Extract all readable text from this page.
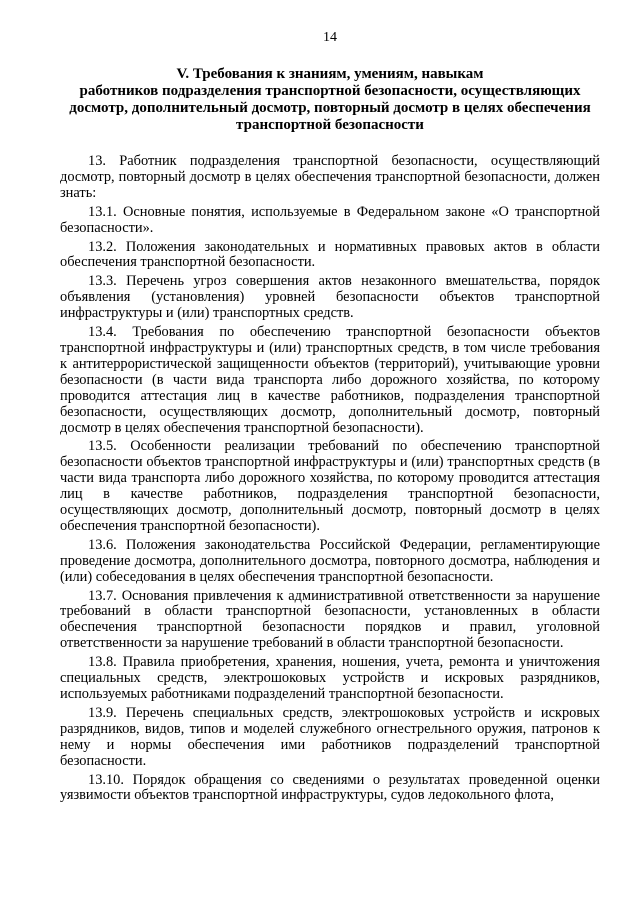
14
V. Требования к знаниям, умениям, навыкам
работников подразделения транспортной безопасности, осуществляющих
досмотр, дополнительный досмотр, повторный досмотр в целях обеспечения
транспортной безопасности

13. Работник подразделения транспортной безопасности, осуществляющий досмотр, повторный досмотр в целях обеспечения транспортной безопасности, должен знать:

13.1. Основные понятия, используемые в Федеральном законе «О транспортной безопасности».

13.2. Положения законодательных и нормативных правовых актов в области обеспечения транспортной безопасности.

13.3. Перечень угроз совершения актов незаконного вмешательства, порядок объявления (установления) уровней безопасности объектов транспортной инфраструктуры и (или) транспортных средств.

13.4. Требования по обеспечению транспортной безопасности объектов транспортной инфраструктуры и (или) транспортных средств, в том числе требования к антитеррористической защищенности объектов (территорий), учитывающие уровни безопасности (в части вида транспорта либо дорожного хозяйства, по которому проводится аттестация лиц в качестве работников, подразделения транспортной безопасности, осуществляющих досмотр, дополнительный досмотр, повторный досмотр в целях обеспечения транспортной безопасности).

13.5. Особенности реализации требований по обеспечению транспортной безопасности объектов транспортной инфраструктуры и (или) транспортных средств (в части вида транспорта либо дорожного хозяйства, по которому проводится аттестация лиц в качестве работников, подразделения транспортной безопасности, осуществляющих досмотр, дополнительный досмотр, повторный досмотр в целях обеспечения транспортной безопасности).

13.6. Положения законодательства Российской Федерации, регламентирующие проведение досмотра, дополнительного досмотра, повторного досмотра, наблюдения и (или) собеседования в целях обеспечения транспортной безопасности.

13.7. Основания привлечения к административной ответственности за нарушение требований в области транспортной безопасности, установленных в области обеспечения транспортной безопасности порядков и правил, уголовной ответственности за нарушение требований в области транспортной безопасности.

13.8. Правила приобретения, хранения, ношения, учета, ремонта и уничтожения специальных средств, электрошоковых устройств и искровых разрядников, используемых работниками подразделений транспортной безопасности.

13.9. Перечень специальных средств, электрошоковых устройств и искровых разрядников, видов, типов и моделей служебного огнестрельного оружия, патронов к нему и нормы обеспечения ими работников подразделений транспортной безопасности.

13.10. Порядок обращения со сведениями о результатах проведенной оценки уязвимости объектов транспортной инфраструктуры, судов ледокольного флота,
